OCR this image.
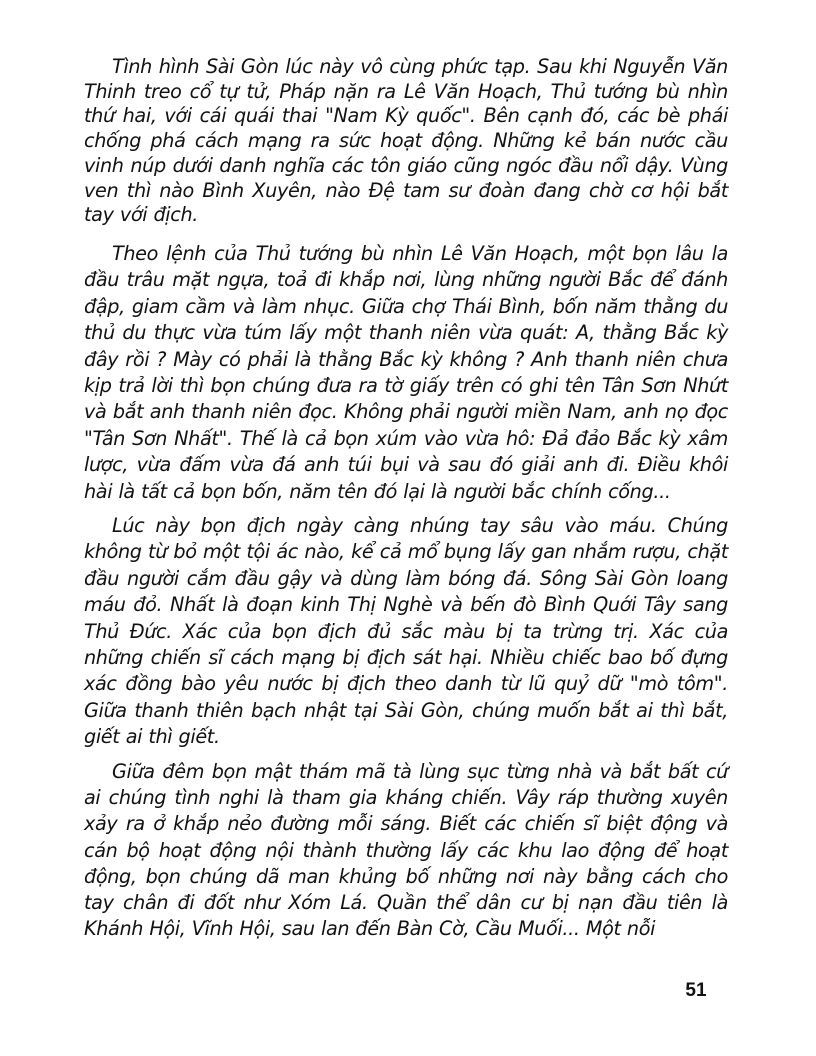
Tình hình Sài Gòn lúc này vô cùng phức tạp. Sau khi Nguyễn Văn Thinh treo cổ tự tử, Pháp nặn ra Lê Văn Hoạch, Thủ tướng bù nhìn thứ hai, với cái quái thai "Nam Kỳ quốc". Bên cạnh đó, các bè phái chống phá cách mạng ra sức hoạt động. Những kẻ bán nước cầu vinh núp dưới danh nghĩa các tôn giáo cũng ngóc đầu nổi dậy. Vùng ven thì nào Bình Xuyên, nào Đệ tam sư đoàn đang chờ cơ hội bắt tay với địch.

Theo lệnh của Thủ tướng bù nhìn Lê Văn Hoạch, một bọn lâu la đầu trâu mặt ngựa, toả đi khắp nơi, lùng những người Bắc để đánh đập, giam cầm và làm nhục. Giữa chợ Thái Bình, bốn năm thằng du thủ du thực vừa túm lấy một thanh niên vừa quát: A, thằng Bắc kỳ đây rồi ? Mày có phải là thằng Bắc kỳ không ? Anh thanh niên chưa kịp trả lời thì bọn chúng đưa ra tờ giấy trên có ghi tên Tân Sơn Nhứt và bắt anh thanh niên đọc. Không phải người miền Nam, anh nọ đọc "Tân Sơn Nhất". Thế là cả bọn xúm vào vừa hô: Đả đảo Bắc kỳ xâm lược, vừa đấm vừa đá anh túi bụi và sau đó giải anh đi. Điều khôi hài là tất cả bọn bốn, năm tên đó lại là người bắc chính cống...

Lúc này bọn địch ngày càng nhúng tay sâu vào máu. Chúng không từ bỏ một tội ác nào, kể cả mổ bụng lấy gan nhắm rượu, chặt đầu người cắm đầu gậy và dùng làm bóng đá. Sông Sài Gòn loang máu đỏ. Nhất là đoạn kinh Thị Nghè và bến đò Bình Quới Tây sang Thủ Đức. Xác của bọn địch đủ sắc màu bị ta trừng trị. Xác của những chiến sĩ cách mạng bị địch sát hại. Nhiều chiếc bao bố đựng xác đồng bào yêu nước bị địch theo danh từ lũ quỷ dữ "mò tôm". Giữa thanh thiên bạch nhật tại Sài Gòn, chúng muốn bắt ai thì bắt, giết ai thì giết.

Giữa đêm bọn mật thám mã tà lùng sục từng nhà và bắt bất cứ ai chúng tình nghi là tham gia kháng chiến. Vây ráp thường xuyên xảy ra ở khắp nẻo đường mỗi sáng. Biết các chiến sĩ biệt động và cán bộ hoạt động nội thành thường lấy các khu lao động để hoạt động, bọn chúng dã man khủng bố những nơi này bằng cách cho tay chân đi đốt như Xóm Lá. Quần thể dân cư bị nạn đầu tiên là Khánh Hội, Vĩnh Hội, sau lan đến Bàn Cờ, Cầu Muối... Một nỗi

51
